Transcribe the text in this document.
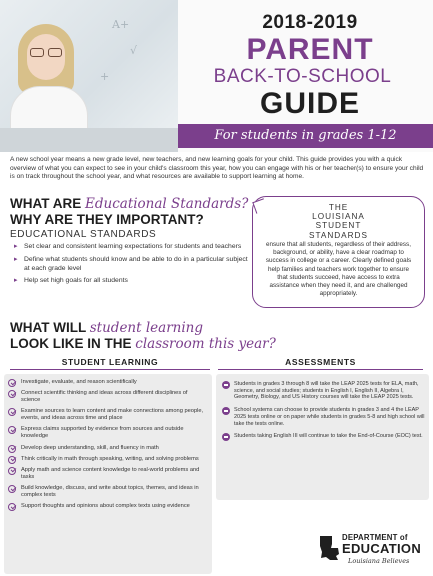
A+
√
+
2018-2019
PARENT
BACK-TO-SCHOOL
GUIDE
For students in grades 1-12

A new school year means a new grade level, new teachers, and new learning goals for your child. This guide provides you with a quick overview of what you can expect to see in your child's classroom this year, how you can engage with his or her teacher(s) to ensure your child is on track throughout the school year, and what resources are available to support learning at home.

WHAT ARE Educational Standards?
WHY ARE THEY IMPORTANT?
EDUCATIONAL STANDARDS
▸ Set clear and consistent learning expectations for students and teachers
▸ Define what students should know and be able to do in a particular subject at each grade level
▸ Help set high goals for all students
THE
LOUISIANA
STUDENT
STANDARDS
ensure that all students, regardless of their address, background, or ability, have a clear roadmap to success in college or a career. Clearly defined goals help families and teachers work together to ensure that students succeed, have access to extra assistance when they need it, and are challenged appropriately.
WHAT WILL student learning
LOOK LIKE IN THE classroom this year?
STUDENT LEARNING	ASSESSMENTS
Investigate, evaluate, and reason scientifically
Connect scientific thinking and ideas across different disciplines of science
Examine sources to learn content and make connections among people, events, and ideas across time and place
Express claims supported by evidence from sources and outside knowledge
Develop deep understanding, skill, and fluency in math
Think critically in math through speaking, writing, and solving problems
Apply math and science content knowledge to real-world problems and tasks
Build knowledge, discuss, and write about topics, themes, and ideas in complex texts
Support thoughts and opinions about complex texts using evidence
Students in grades 3 through 8 will take the LEAP 2025 tests for ELA, math, science, and social studies; students in English I, English II, Algebra I, Geometry, Biology, and US History courses will take the LEAP 2025 tests.
School systems can choose to provide students in grades 3 and 4 the LEAP 2025 tests online or on paper while students in grades 5-8 and high school will take the tests online.
Students taking English III will continue to take the End-of-Course (EOC) test.
DEPARTMENT of
EDUCATION
Louisiana Believes
